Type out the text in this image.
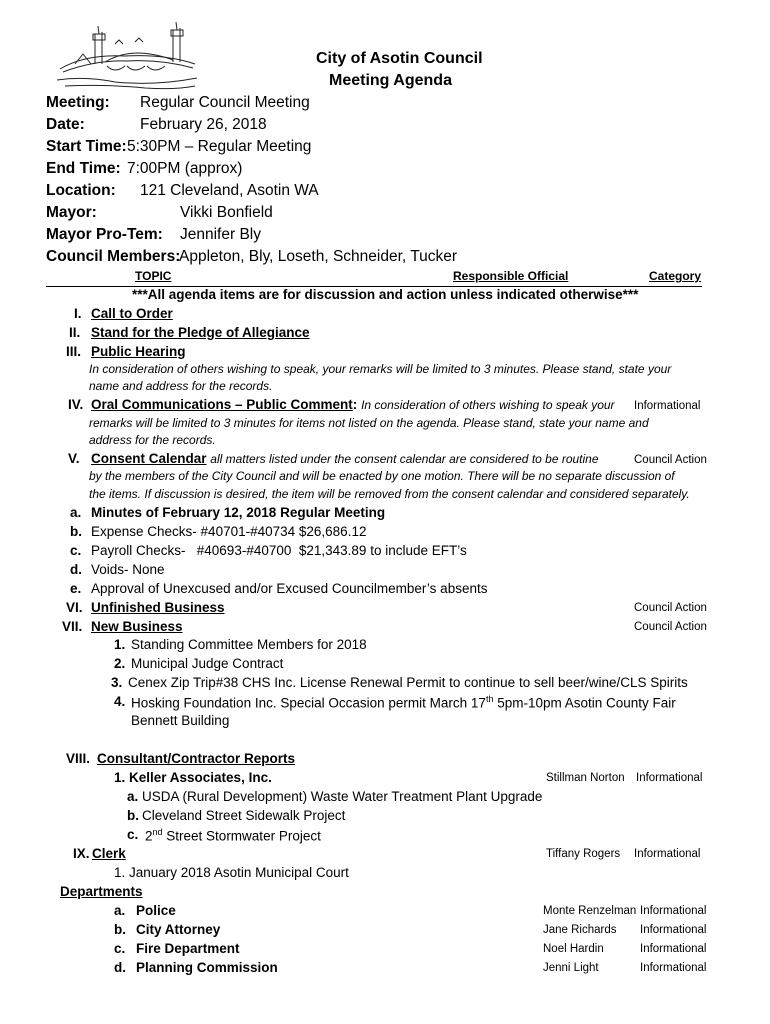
City of Asotin Council
Meeting Agenda
Meeting: Regular Council Meeting
Date:	February 26, 2018
Start Time: 5:30PM – Regular Meeting
End Time: 7:00PM (approx)
Location: 121 Cleveland, Asotin WA
Mayor:	Vikki Bonfield
Mayor Pro-Tem: Jennifer Bly
Council Members:
Appleton, Bly, Loseth, Schneider, Tucker
TOPIC	Responsible Official	Category
***All agenda items are for discussion and action unless indicated otherwise***
I. Call to Order
II. Stand for the Pledge of Allegiance
III. Public Hearing
In consideration of others wishing to speak, your remarks will be limited to 3 minutes. Please stand, state your
name and address for the records.
IV. Oral Communications – Public Comment: In consideration of others wishing to speak your Informational
remarks will be limited to 3 minutes for items not listed on the agenda. Please stand, state your name and
address for the records.
V. Consent Calendar all matters listed under the consent calendar are considered to be routine	Council Action
by the members of the City Council and will be enacted by one motion. There will be no separate discussion of
the items. If discussion is desired, the item will be removed from the consent calendar and considered separately.
a. Minutes of February 12, 2018 Regular Meeting
b. Expense Checks- #40701-#40734 $26,686.12
c. Payroll Checks-   #40693-#40700  $21,343.89 to include EFT’s
d. Voids- None
e. Approval of Unexcused and/or Excused Councilmember’s absents
VI. Unfinished Business	Council Action
VII. New Business	Council Action
1. Standing Committee Members for 2018
2. Municipal Judge Contract
3. Cenex Zip Trip#38 CHS Inc. License Renewal Permit to continue to sell beer/wine/CLS Spirits
4. Hosking Foundation Inc. Special Occasion permit March 17th 5pm-10pm Asotin County Fair
Bennett Building
VIII. Consultant/Contractor Reports
1. Keller Associates, Inc.	Stillman Norton Informational
a. USDA (Rural Development) Waste Water Treatment Plant Upgrade
b. Cleveland Street Sidewalk Project
c. 2nd Street Stormwater Project
IX. Clerk	Tiffany Rogers Informational
1. January 2018 Asotin Municipal Court
Departments
a. Police	Monte Renzelman Informational
b. City Attorney	Jane Richards Informational
c. Fire Department	Noel Hardin	Informational
d. Planning Commission	Jenni Light	Informational
